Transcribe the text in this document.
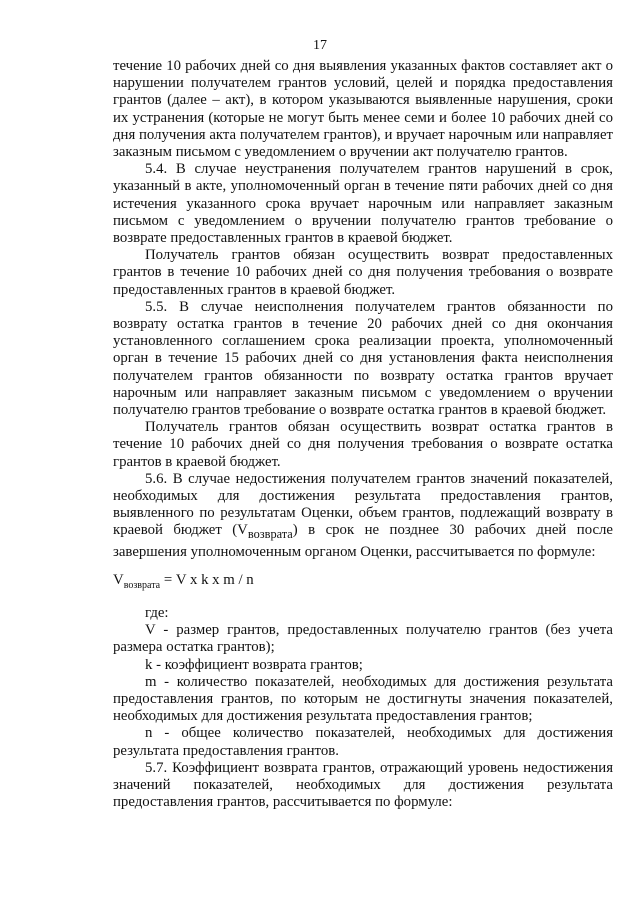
17

течение 10 рабочих дней со дня выявления указанных фактов составляет акт о нарушении получателем грантов условий, целей и порядка предоставления грантов (далее – акт), в котором указываются выявленные нарушения, сроки их устранения (которые не могут быть менее семи и более 10 рабочих дней со дня получения акта получателем грантов), и вручает нарочным или направляет заказным письмом с уведомлением о вручении акт получателю грантов.

5.4. В случае неустранения получателем грантов нарушений в срок, указанный в акте, уполномоченный орган в течение пяти рабочих дней со дня истечения указанного срока вручает нарочным или направляет заказным письмом с уведомлением о вручении получателю грантов требование о возврате предоставленных грантов в краевой бюджет.

Получатель грантов обязан осуществить возврат предоставленных грантов в течение 10 рабочих дней со дня получения требования о возврате предоставленных грантов в краевой бюджет.

5.5. В случае неисполнения получателем грантов обязанности по возврату остатка грантов в течение 20 рабочих дней со дня окончания установленного соглашением срока реализации проекта, уполномоченный орган в течение 15 рабочих дней со дня установления факта неисполнения получателем грантов обязанности по возврату остатка грантов вручает нарочным или направляет заказным письмом с уведомлением о вручении получателю грантов требование о возврате остатка грантов в краевой бюджет.

Получатель грантов обязан осуществить возврат остатка грантов в течение 10 рабочих дней со дня получения требования о возврате остатка грантов в краевой бюджет.

5.6. В случае недостижения получателем грантов значений показателей, необходимых для достижения результата предоставления грантов, выявленного по результатам Оценки, объем грантов, подлежащий возврату в краевой бюджет $(V_{возврата})$ в срок не позднее 30 рабочих дней после завершения уполномоченным органом Оценки, рассчитывается по формуле:

$V_{возврата} = V$ x k x m / n

где:

V - размер грантов, предоставленных получателю грантов (без учета размера остатка грантов);

k - коэффициент возврата грантов;

m - количество показателей, необходимых для достижения результата предоставления грантов, по которым не достигнуты значения показателей, необходимых для достижения результата предоставления грантов;

n - общее количество показателей, необходимых для достижения результата предоставления грантов.

5.7. Коэффициент возврата грантов, отражающий уровень недостижения значений показателей, необходимых для достижения результата предоставления грантов, рассчитывается по формуле:
